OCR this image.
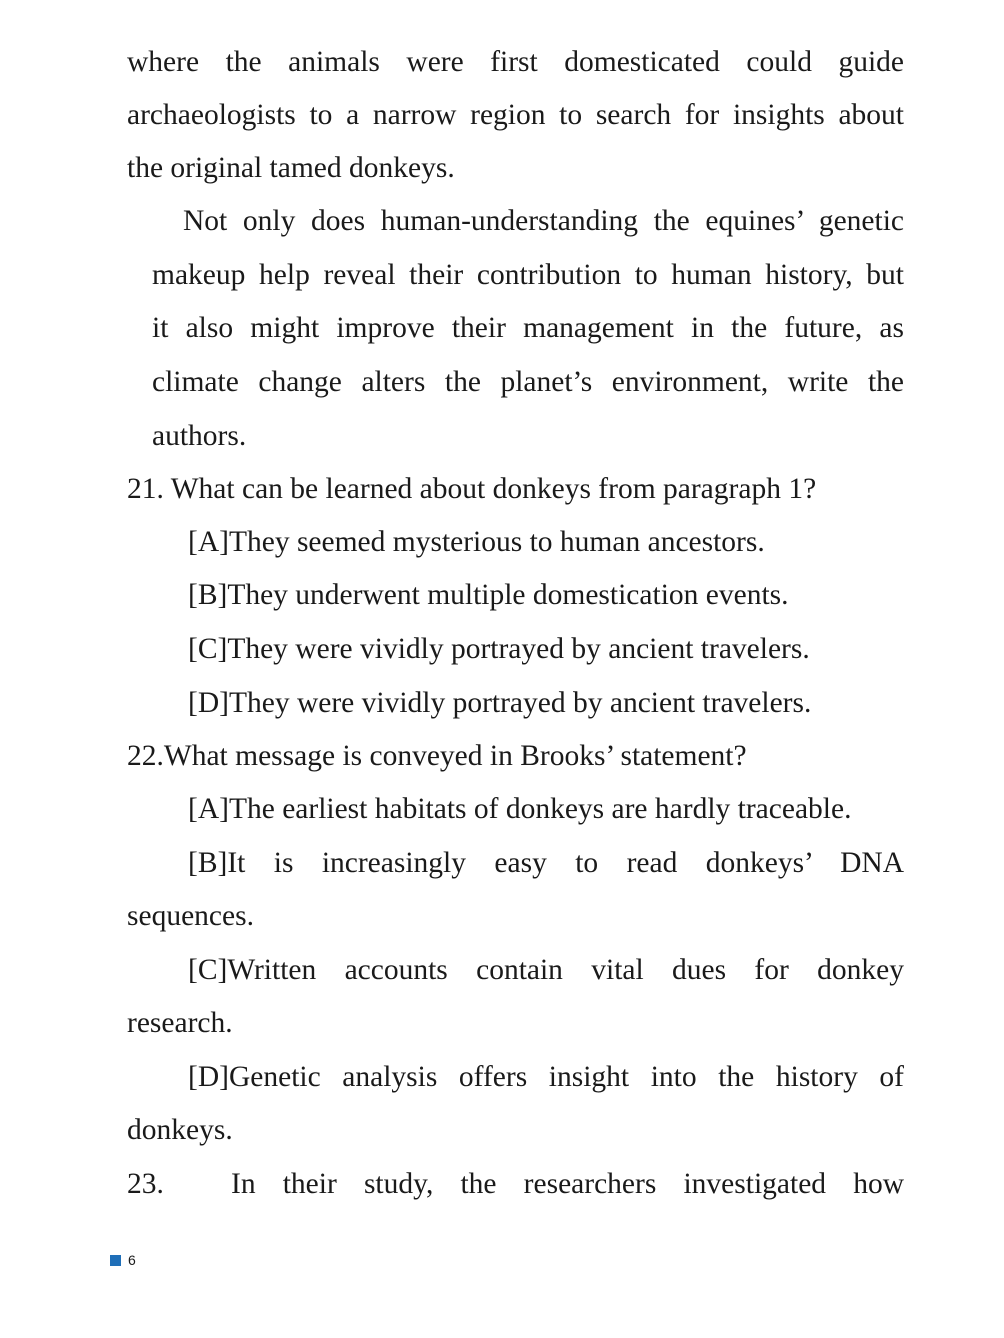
where the animals were first domesticated could guide
archaeologists to a narrow region to search for insights about
the original tamed donkeys.
Not only does human-understanding the equines’ genetic
makeup help reveal their contribution to human history, but
it also might improve their management in the future, as
climate change alters the planet’s environment, write the
authors.
21. What can be learned about donkeys from paragraph 1?
[A]They seemed mysterious to human ancestors.
[B]They underwent multiple domestication events.
[C]They were vividly portrayed by ancient travelers.
[D]They were vividly portrayed by ancient travelers.
22.What message is conveyed in Brooks’ statement?
[A]The earliest habitats of donkeys are hardly traceable.
[B]It is increasingly easy to read donkeys’ DNA
sequences.
[C]Written accounts contain vital dues for donkey
research.
[D]Genetic analysis offers insight into the history of
donkeys.
23. In their study, the researchers investigated how
6
